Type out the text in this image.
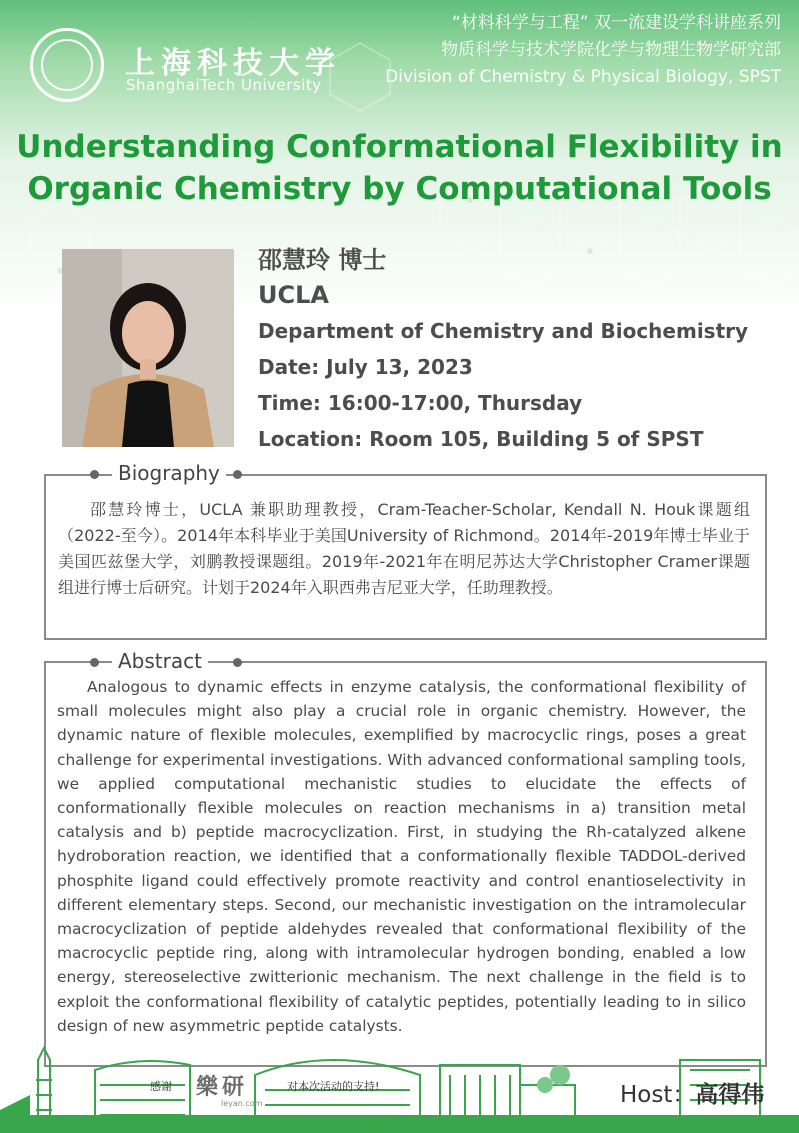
上海科技大学
ShanghaiTech University
“材料科学与工程” 双一流建设学科讲座系列
物质科学与技术学院化学与物理生物学研究部
Division of Chemistry & Physical Biology, SPST
Understanding Conformational Flexibility in
Organic Chemistry by Computational Tools
邵慧玲 博士
UCLA
Department of Chemistry and Biochemistry
Date: July 13, 2023
Time: 16:00-17:00, Thursday
Location: Room 105, Building 5 of SPST
Biography
邵慧玲博士，UCLA 兼职助理教授，Cram-Teacher-Scholar, Kendall N. Houk课题组（2022-至今）。2014年本科毕业于美国University of Richmond。2014年-2019年博士毕业于美国匹兹堡大学，刘鹏教授课题组。2019年-2021年在明尼苏达大学Christopher Cramer课题组进行博士后研究。计划于2024年入职西弗吉尼亚大学，任助理教授。
Abstract
Analogous to dynamic effects in enzyme catalysis, the conformational flexibility of small molecules might also play a crucial role in organic chemistry. However, the dynamic nature of flexible molecules, exemplified by macrocyclic rings, poses a great challenge for experimental investigations. With advanced conformational sampling tools, we applied computational mechanistic studies to elucidate the effects of conformationally flexible molecules on reaction mechanisms in a) transition metal catalysis and b) peptide macrocyclization. First, in studying the Rh-catalyzed alkene hydroboration reaction, we identified that a conformationally flexible TADDOL-derived phosphite ligand could effectively promote reactivity and control enantioselectivity in different elementary steps. Second, our mechanistic investigation on the intramolecular macrocyclization of peptide aldehydes revealed that conformational flexibility of the macrocyclic peptide ring, along with intramolecular hydrogen bonding, enabled a low energy, stereoselective zwitterionic mechanism. The next challenge in the field is to exploit the conformational flexibility of catalytic peptides, potentially leading to in silico design of new asymmetric peptide catalysts.
感谢 樂研
leyan.com
对本次活动的支持!	Host：高得伟
